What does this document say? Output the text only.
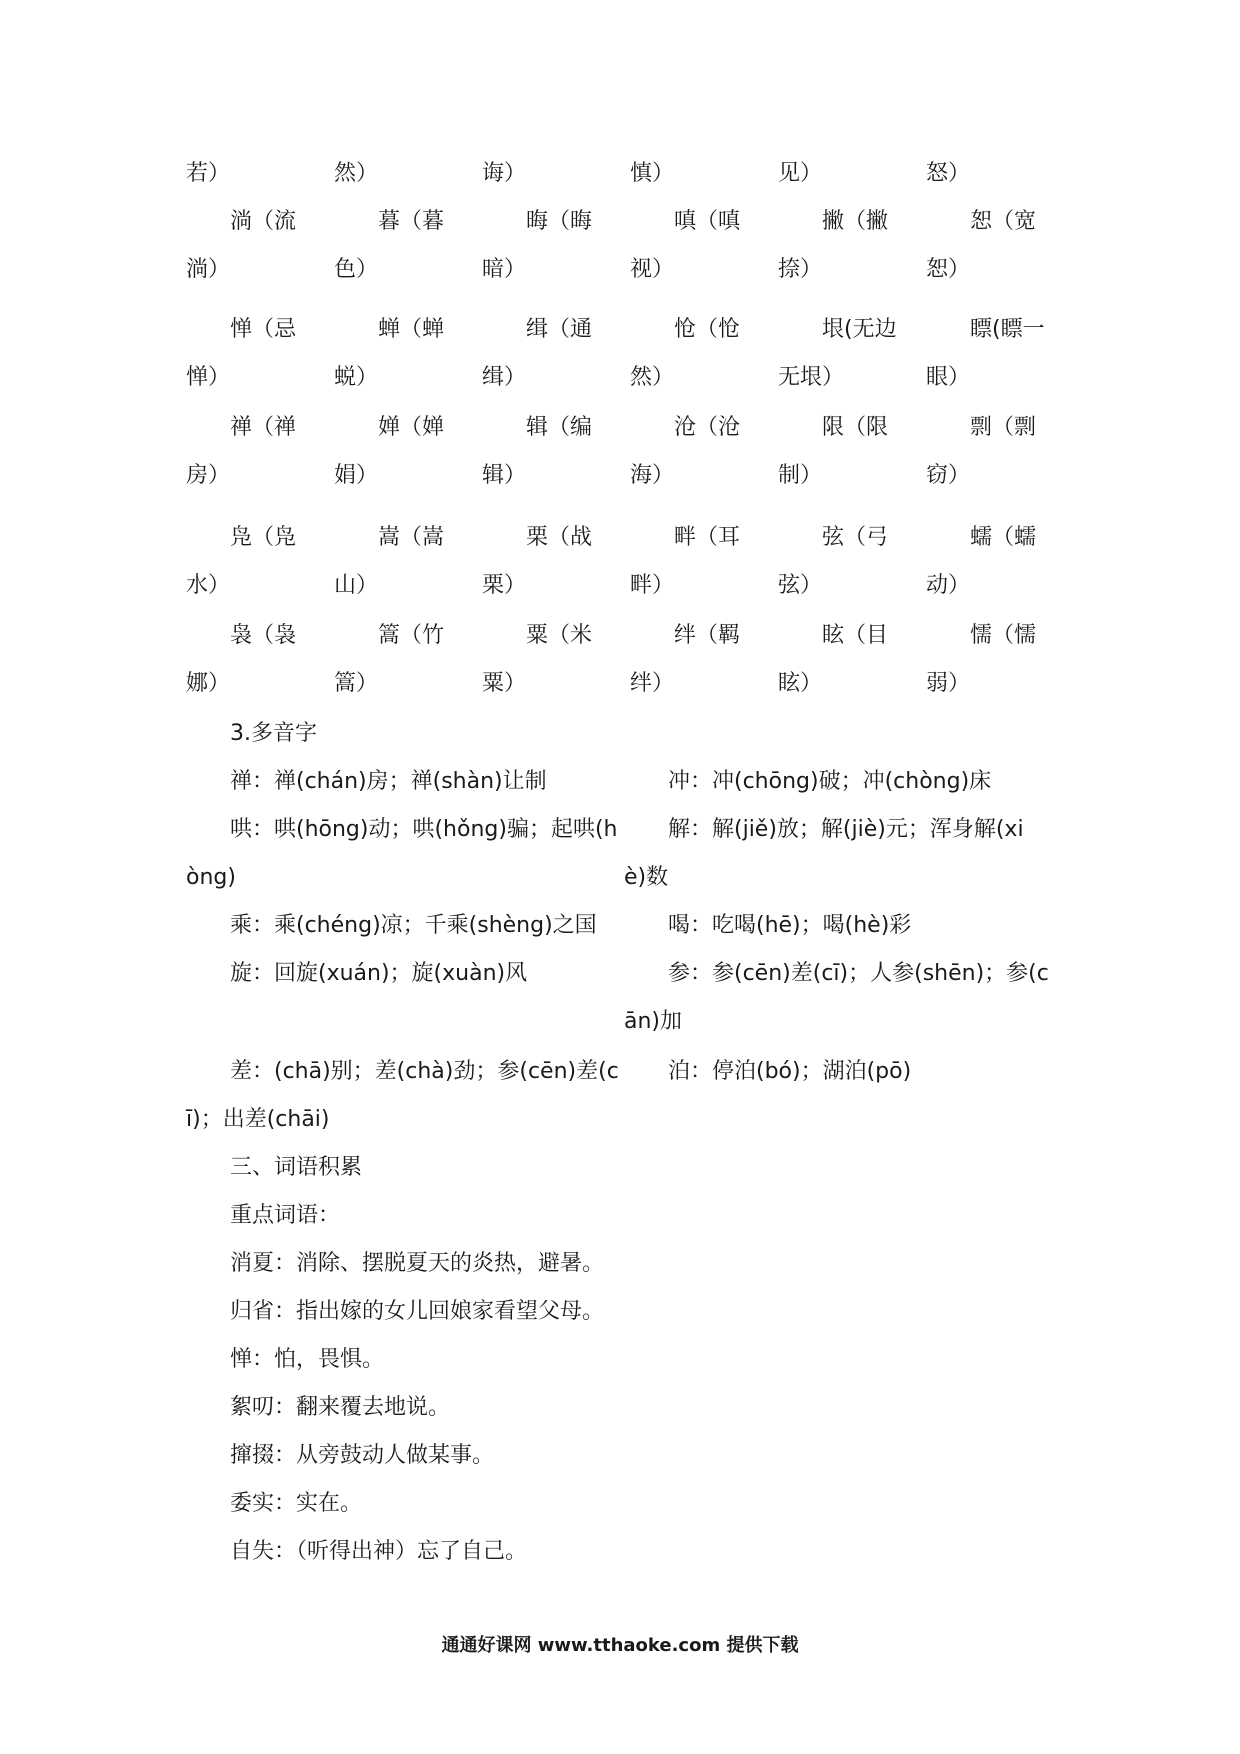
若）	然）	诲）	慎）	见）	怒）
淌（流	暮（暮	晦（晦	嗔（嗔	撇（撇	恕（宽
淌）	色）	暗）	视）	捺）	恕）
惮（忌	蝉（蝉	缉（通	怆（怆	垠(无边	瞟(瞟一
惮）	蜕）	缉）	然）	无垠）	眼）
禅（禅	婵（婵	辑（编	沧（沧	限（限	剽（剽
房）	娟）	辑）	海）	制）	窃）
凫（凫	嵩（嵩	栗（战	畔（耳	弦（弓	蠕（蠕
水）	山）	栗）	畔）	弦）	动）
袅（袅	篙（竹	粟（米	绊（羁	眩（目	懦（懦
娜）	篙）	粟）	绊）	眩）	弱）
3.多音字
禅：禅(chán)房；禅(shàn)让制
哄：哄(hōng)动；哄(hǒng)骗；起哄(h
òng)
乘：乘(chéng)凉；千乘(shèng)之国
旋：回旋(xuán)；旋(xuàn)风
差：(chā)别；差(chà)劲；参(cēn)差(c
ī)；出差(chāi)
冲：冲(chōng)破；冲(chòng)床
解：解(jiě)放；解(jiè)元；浑身解(xi
è)数
喝：吃喝(hē)；喝(hè)彩
参：参(cēn)差(cī)；人参(shēn)；参(c
ān)加
泊：停泊(bó)；湖泊(pō)
三、词语积累
重点词语：
消夏：消除、摆脱夏天的炎热，避暑。
归省：指出嫁的女儿回娘家看望父母。
惮：怕，畏惧。
絮叨：翻来覆去地说。
撺掇：从旁鼓动人做某事。
委实：实在。
自失：（听得出神）忘了自己。
通通好课网 www.tthaoke.com 提供下载
